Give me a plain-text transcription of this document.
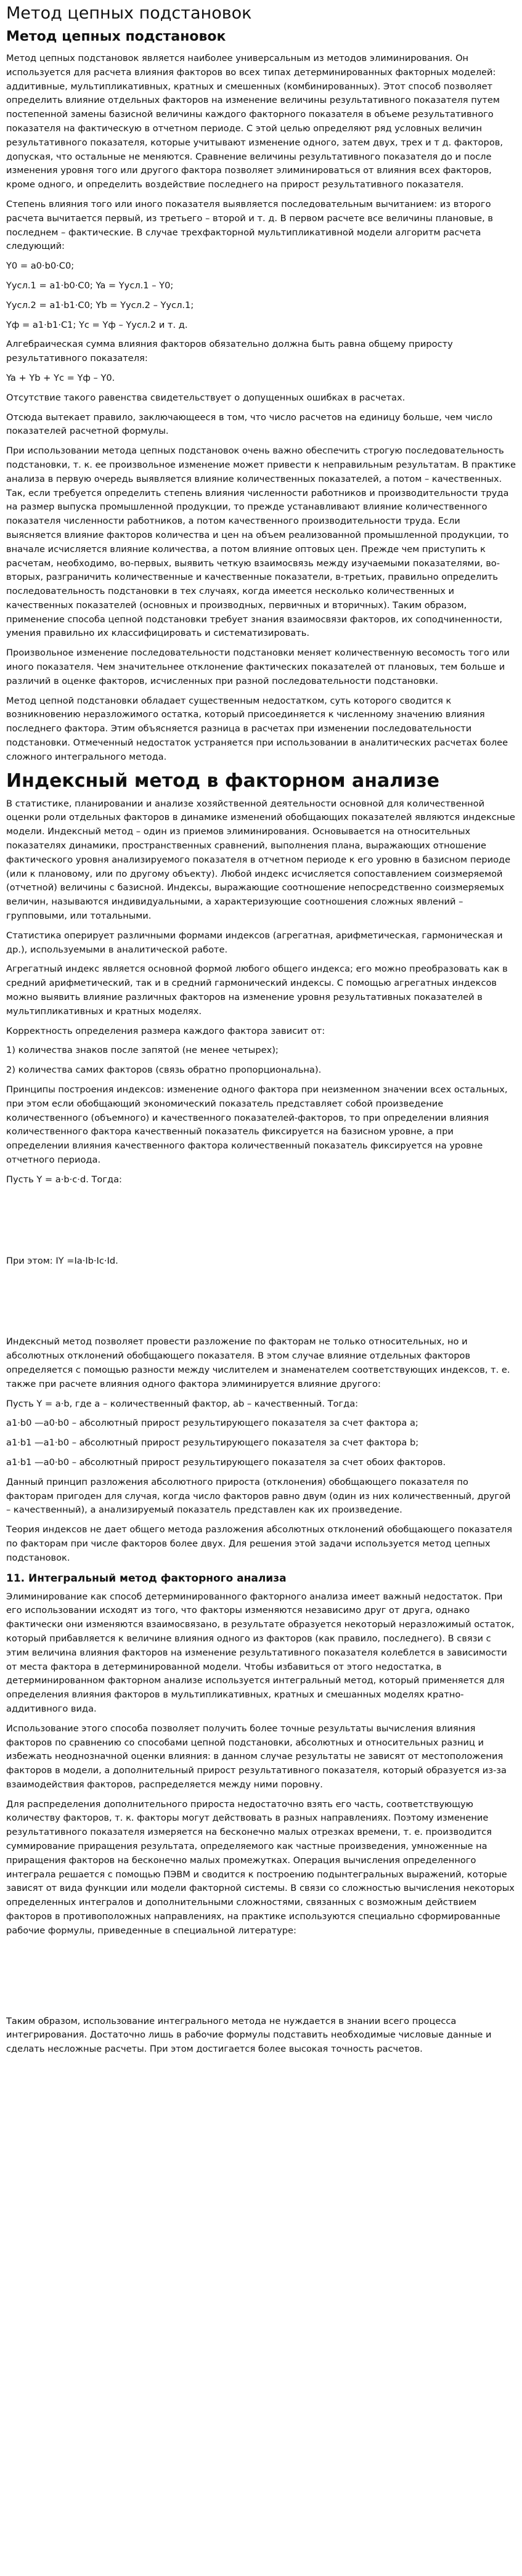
Метод цепных подстановок
Метод цепных подстановок
Метод цепных подстановок является наиболее универсальным из методов элиминирования. Он используется для расчета влияния факторов во всех типах детерминированных факторных моделей: аддитивные, мультипликативных, кратных и смешенных (комбинированных). Этот способ позволяет определить влияние отдельных факторов на изменение величины результативного показателя путем постепенной замены базисной величины каждого факторного показателя в объеме результативного показателя на фактическую в отчетном периоде. С этой целью определяют ряд условных величин результативного показателя, которые учитывают изменение одного, затем двух, трех и т д. факторов, допуская, что остальные не меняются. Сравнение величины результативного показателя до и после изменения уровня того или другого фактора позволяет элиминироваться от влияния всех факторов, кроме одного, и определить воздействие последнего на прирост результативного показателя.
Степень влияния того или иного показателя выявляется последовательным вычитанием: из второго расчета вычитается первый, из третьего – второй и т. д. В первом расчете все величины плановые, в последнем – фактические. В случае трехфакторной мультипликативной модели алгоритм расчета следующий:
Y0 = a0·b0·C0;
Yусл.1 = a1·b0·C0; Ya = Yусл.1 – Y0;
Yусл.2 = a1·b1·C0; Yb = Yусл.2 – Yусл.1;
Yф = a1·b1·C1; Yc = Yф – Yусл.2 и т. д.
Алгебраическая сумма влияния факторов обязательно должна быть равна общему приросту результативного показателя:
Ya + Yb + Yc = Yф – Y0.
Отсутствие такого равенства свидетельствует о допущенных ошибках в расчетах.
Отсюда вытекает правило, заключающееся в том, что число расчетов на единицу больше, чем число показателей расчетной формулы.
При использовании метода цепных подстановок очень важно обеспечить строгую последовательность подстановки, т. к. ее произвольное изменение может привести к неправильным результатам. В практике анализа в первую очередь выявляется влияние количественных показателей, а потом – качественных. Так, если требуется определить степень влияния численности работников и производительности труда на размер выпуска промышленной продукции, то прежде устанавливают влияние количественного показателя численности работников, а потом качественного производительности труда. Если выясняется влияние факторов количества и цен на объем реализованной промышленной продукции, то вначале исчисляется влияние количества, а потом влияние оптовых цен. Прежде чем приступить к расчетам, необходимо, во-первых, выявить четкую взаимосвязь между изучаемыми показателями, во-вторых, разграничить количественные и качественные показатели, в-третьих, правильно определить последовательность подстановки в тех случаях, когда имеется несколько количественных и качественных показателей (основных и производных, первичных и вторичных). Таким образом, применение способа цепной подстановки требует знания взаимосвязи факторов, их соподчиненности, умения правильно их классифицировать и систематизировать.
Произвольное изменение последовательности подстановки меняет количественную весомость того или иного показателя. Чем значительнее отклонение фактических показателей от плановых, тем больше и различий в оценке факторов, исчисленных при разной последовательности подстановки.
Метод цепной подстановки обладает существенным недостатком, суть которого сводится к возникновению неразложимого остатка, который присоединяется к численному значению влияния последнего фактора. Этим объясняется разница в расчетах при изменении последовательности подстановки. Отмеченный недостаток устраняется при использовании в аналитических расчетах более сложного интегрального метода.
Индексный метод в факторном анализе
В статистике, планировании и анализе хозяйственной деятельности основной для количественной оценки роли отдельных факторов в динамике изменений обобщающих показателей являются индексные модели. Индексный метод – один из приемов элиминирования. Основывается на относительных показателях динамики, пространственных сравнений, выполнения плана, выражающих отношение фактического уровня анализируемого показателя в отчетном периоде к его уровню в базисном периоде (или к плановому, или по другому объекту). Любой индекс исчисляется сопоставлением соизмеряемой (отчетной) величины с базисной. Индексы, выражающие соотношение непосредственно соизмеряемых величин, называются индивидуальными, а характеризующие соотношения сложных явлений – групповыми, или тотальными.
Статистика оперирует различными формами индексов (агрегатная, арифметическая, гармоническая и др.), используемыми в аналитической работе.
Агрегатный индекс является основной формой любого общего индекса; его можно преобразовать как в средний арифметический, так и в средний гармонический индексы. С помощью агрегатных индексов можно выявить влияние различных факторов на изменение уровня результативных показателей в мультипликативных и кратных моделях.
Корректность определения размера каждого фактора зависит от:
1) количества знаков после запятой (не менее четырех);
2) количества самих факторов (связь обратно пропорциональна).
Принципы построения индексов: изменение одного фактора при неизменном значении всех остальных, при этом если обобщающий экономический показатель представляет собой произведение количественного (объемного) и качественного показателей-факторов, то при определении влияния количественного фактора качественный показатель фиксируется на базисном уровне, а при определении влияния качественного фактора количественный показатель фиксируется на уровне отчетного периода.
Пусть Y = a·b·c·d. Тогда:
При этом: IY =Ia·Ib·Ic·Id.
Индексный метод позволяет провести разложение по факторам не только относительных, но и абсолютных отклонений обобщающего показателя. В этом случае влияние отдельных факторов определяется с помощью разности между числителем и знаменателем соответствующих индексов, т. е. также при расчете влияния одного фактора элиминируется влияние другого:
Пусть Y = a·b, где a – количественный фактор, ab – качественный. Тогда:
a1·b0 —a0·b0 – абсолютный прирост результирующего показателя за счет фактора а;
a1·b1 —a1·b0 – абсолютный прирост результирующего показателя за счет фактора b;
a1·b1 —a0·b0 – абсолютный прирост результирующего показателя за счет обоих факторов.
Данный принцип разложения абсолютного прироста (отклонения) обобщающего показателя по факторам пригоден для случая, когда число факторов равно двум (один из них количественный, другой – качественный), а анализируемый показатель представлен как их произведение.
Теория индексов не дает общего метода разложения абсолютных отклонений обобщающего показателя по факторам при числе факторов более двух. Для решения этой задачи используется метод цепных подстановок.
11. Интегральный метод факторного анализа
Элиминирование как способ детерминированного факторного анализа имеет важный недостаток. При его использовании исходят из того, что факторы изменяются независимо друг от друга, однако фактически они изменяются взаимосвязано, в результате образуется некоторый неразложимый остаток, который прибавляется к величине влияния одного из факторов (как правило, последнего). В связи с этим величина влияния факторов на изменение результативного показателя колеблется в зависимости от места фактора в детерминированной модели. Чтобы избавиться от этого недостатка, в детерминированном факторном анализе используется интегральный метод, который применяется для определения влияния факторов в мультипликативных, кратных и смешанных моделях кратно-аддитивного вида.
Использование этого способа позволяет получить более точные результаты вычисления влияния факторов по сравнению со способами цепной подстановки, абсолютных и относительных разниц и избежать неоднозначной оценки влияния: в данном случае результаты не зависят от местоположения факторов в модели, а дополнительный прирост результативного показателя, который образуется из-за взаимодействия факторов, распределяется между ними поровну.
Для распределения дополнительного прироста недостаточно взять его часть, соответствующую количеству факторов, т. к. факторы могут действовать в разных направлениях. Поэтому изменение результативного показателя измеряется на бесконечно малых отрезках времени, т. е. производится суммирование приращения результата, определяемого как частные произведения, умноженные на приращения факторов на бесконечно малых промежутках. Операция вычисления определенного интеграла решается с помощью ПЭВМ и сводится к построению подынтегральных выражений, которые зависят от вида функции или модели факторной системы. В связи со сложностью вычисления некоторых определенных интегралов и дополнительными сложностями, связанных с возможным действием факторов в противоположных направлениях, на практике используются специально сформированные рабочие формулы, приведенные в специальной литературе:
Таким образом, использование интегрального метода не нуждается в знании всего процесса интегрирования. Достаточно лишь в рабочие формулы подставить необходимые числовые данные и сделать несложные расчеты. При этом достигается более высокая точность расчетов.
